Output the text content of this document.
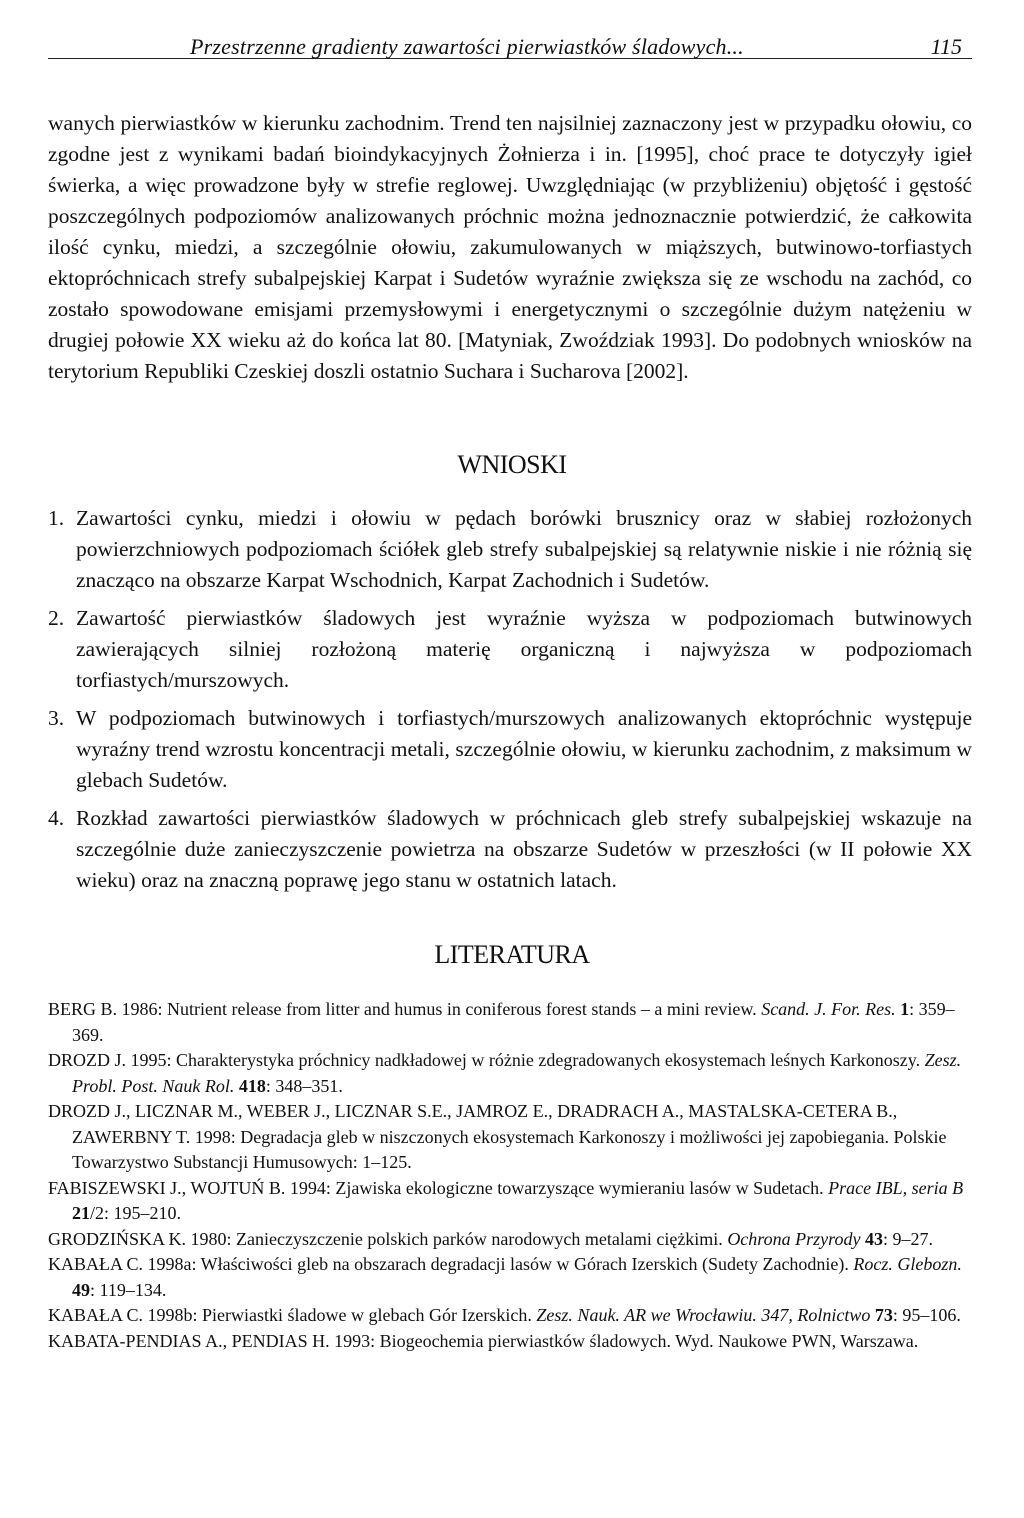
Przestrzenne gradienty zawartości pierwiastków śladowych...	115

wanych pierwiastków w kierunku zachodnim. Trend ten najsilniej zaznaczony jest w przypadku ołowiu, co zgodne jest z wynikami badań bioindykacyjnych Żołnierza i in. [1995], choć prace te dotyczyły igieł świerka, a więc prowadzone były w strefie reglowej. Uwzględniając (w przybliżeniu) objętość i gęstość poszczególnych podpoziomów analizowanych próchnic można jednoznacznie potwierdzić, że całkowita ilość cynku, miedzi, a szczególnie ołowiu, zakumulowanych w miąższych, butwinowo-torfiastych ektopróchnicach strefy subalpejskiej Karpat i Sudetów wyraźnie zwiększa się ze wschodu na zachód, co zostało spowodowane emisjami przemysłowymi i energetycznymi o szczególnie dużym natężeniu w drugiej połowie XX wieku aż do końca lat 80. [Matyniak, Zwoździak 1993]. Do podobnych wniosków na terytorium Republiki Czeskiej doszli ostatnio Suchara i Sucharova [2002].

WNIOSKI
1. Zawartości cynku, miedzi i ołowiu w pędach borówki brusznicy oraz w słabiej rozłożonych powierzchniowych podpoziomach ściółek gleb strefy subalpejskiej są relatywnie niskie i nie różnią się znacząco na obszarze Karpat Wschodnich, Karpat Zachodnich i Sudetów.
2. Zawartość pierwiastków śladowych jest wyraźnie wyższa w podpoziomach butwinowych zawierających silniej rozłożoną materię organiczną i najwyższa w podpoziomach torfiastych/murszowych.
3. W podpoziomach butwinowych i torfiastych/murszowych analizowanych ektopróchnic występuje wyraźny trend wzrostu koncentracji metali, szczególnie ołowiu, w kierunku zachodnim, z maksimum w glebach Sudetów.
4. Rozkład zawartości pierwiastków śladowych w próchnicach gleb strefy subalpejskiej wskazuje na szczególnie duże zanieczyszczenie powietrza na obszarze Sudetów w przeszłości (w II połowie XX wieku) oraz na znaczną poprawę jego stanu w ostatnich latach.
LITERATURA
BERG B. 1986: Nutrient release from litter and humus in coniferous forest stands – a mini review. Scand. J. For. Res. 1: 359–369.
DROZD J. 1995: Charakterystyka próchnicy nadkładowej w różnie zdegradowanych ekosystemach leśnych Karkonoszy. Zesz. Probl. Post. Nauk Rol. 418: 348–351.
DROZD J., LICZNAR M., WEBER J., LICZNAR S.E., JAMROZ E., DRADRACH A., MASTALSKA-CETERA B., ZAWERBNY T. 1998: Degradacja gleb w niszczonych ekosystemach Karkonoszy i możliwości jej zapobiegania. Polskie Towarzystwo Substancji Humusowych: 1–125.
FABISZEWSKI J., WOJTUŃ B. 1994: Zjawiska ekologiczne towarzyszące wymieraniu lasów w Sudetach. Prace IBL, seria B 21/2: 195–210.
GRODZIŃSKA K. 1980: Zanieczyszczenie polskich parków narodowych metalami ciężkimi. Ochrona Przyrody 43: 9–27.
KABAŁA C. 1998a: Właściwości gleb na obszarach degradacji lasów w Górach Izerskich (Sudety Zachodnie). Rocz. Glebozn. 49: 119–134.
KABAŁA C. 1998b: Pierwiastki śladowe w glebach Gór Izerskich. Zesz. Nauk. AR we Wrocławiu. 347, Rolnictwo 73: 95–106.
KABATA-PENDIAS A., PENDIAS H. 1993: Biogeochemia pierwiastków śladowych. Wyd. Naukowe PWN, Warszawa.
